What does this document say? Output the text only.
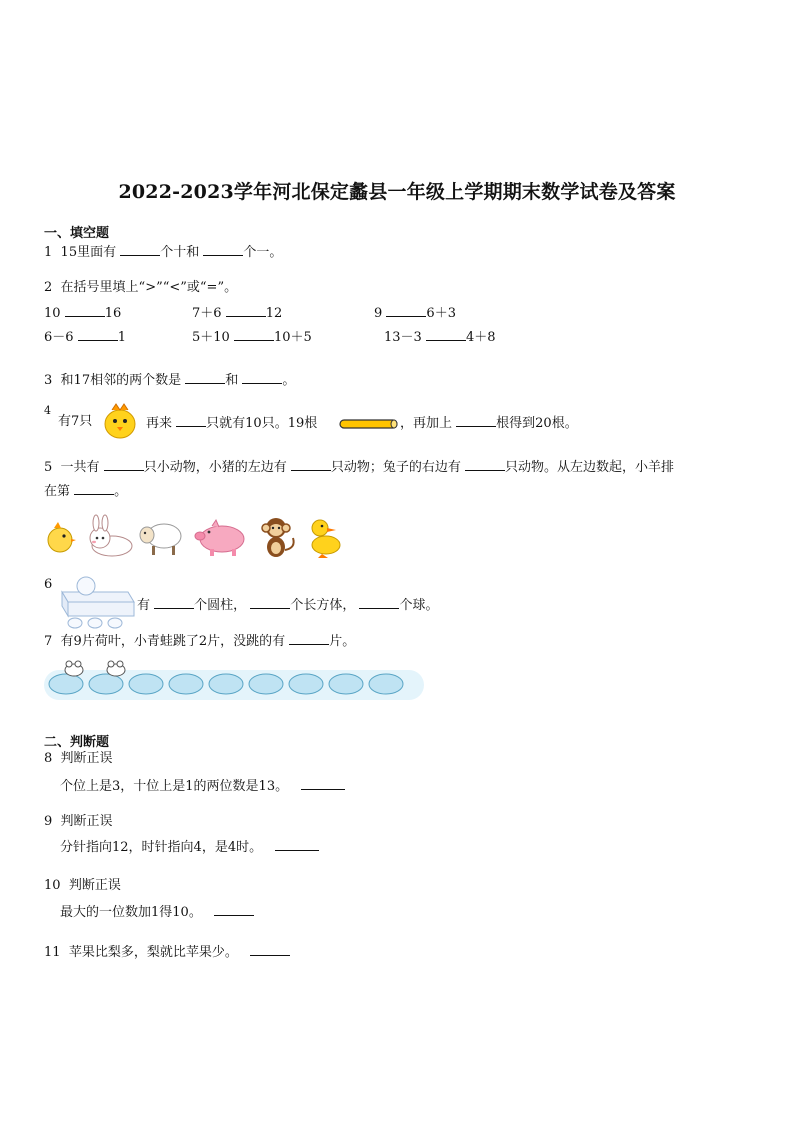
2022-2023学年河北保定蠡县一年级上学期期末数学试卷及答案
一、填空题
1 15里面有	个十和	个一。
2 在括号里填上“>”“<”或“=”。
10	16	7＋6	12	9	6＋3
6－6	1	5＋10	10＋5	13－3	4＋8
3 和17相邻的两个数是	和	。
$^4$
有7只	再来	只就有10只。19根	，再加上	根得到20根。
5 一共有	只小动物，小猪的左边有	只动物；兔子的右边有	只动物。从左边数起，小羊排
在第	。
6
有	个圆柱，	个长方体，	个球。
7 有9片荷叶，小青蛙跳了2片，没跳的有	片。
二、判断题
8 判断正误
个位上是3，十位上是1的两位数是13。
9 判断正误
分针指向12，时针指向4，是4时。
10 判断正误
最大的一位数加1得10。
11 苹果比梨多，梨就比苹果少。
